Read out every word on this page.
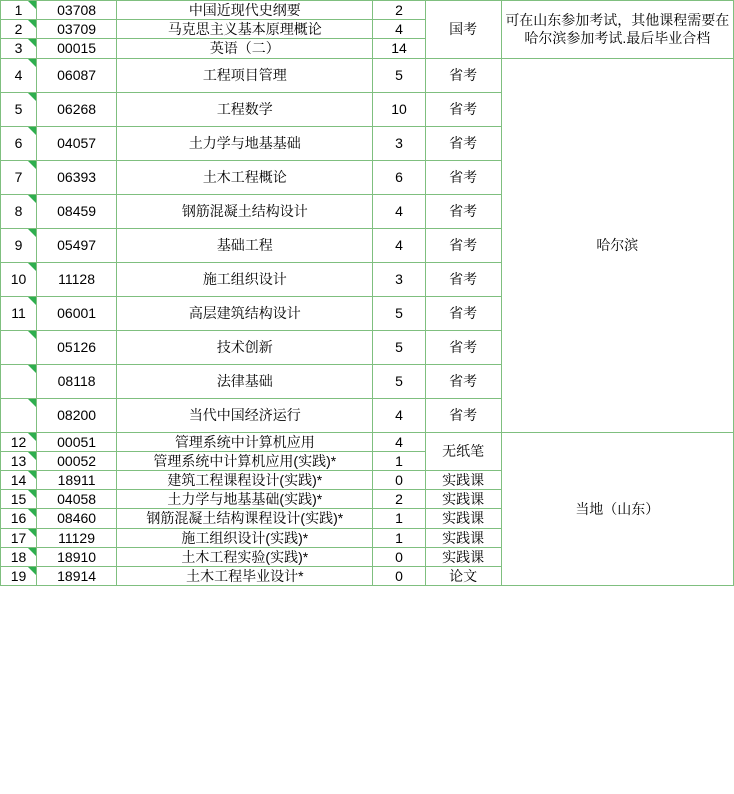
1	03708	中国近现代史纲要	2	国考	可在山东参加考试，其他课程需要在哈尔滨参加考试.最后毕业合档
2	03709	马克思主义基本原理概论	4		
3	00015	英语（二）	14		
4	06087	工程项目管理	5	省考	哈尔滨
5	06268	工程数学	10	省考	
6	04057	土力学与地基基础	3	省考	
7	06393	土木工程概论	6	省考	
8	08459	钢筋混凝土结构设计	4	省考	
9	05497	基础工程	4	省考	
10	11128	施工组织设计	3	省考	
11	06001	高层建筑结构设计	5	省考	
	05126	技术创新	5	省考	
	08118	法律基础	5	省考	
	08200	当代中国经济运行	4	省考	
12	00051	管理系统中计算机应用	4	无纸笔	当地（山东）
13	00052	管理系统中计算机应用(实践)*	1		
14	18911	建筑工程课程设计(实践)*	0	实践课	
15	04058	土力学与地基基础(实践)*	2	实践课	
16	08460	钢筋混凝土结构课程设计(实践)*	1	实践课	
17	11129	施工组织设计(实践)*	1	实践课	
18	18910	土木工程实验(实践)*	0	实践课	
19	18914	土木工程毕业设计*	0	论文	
